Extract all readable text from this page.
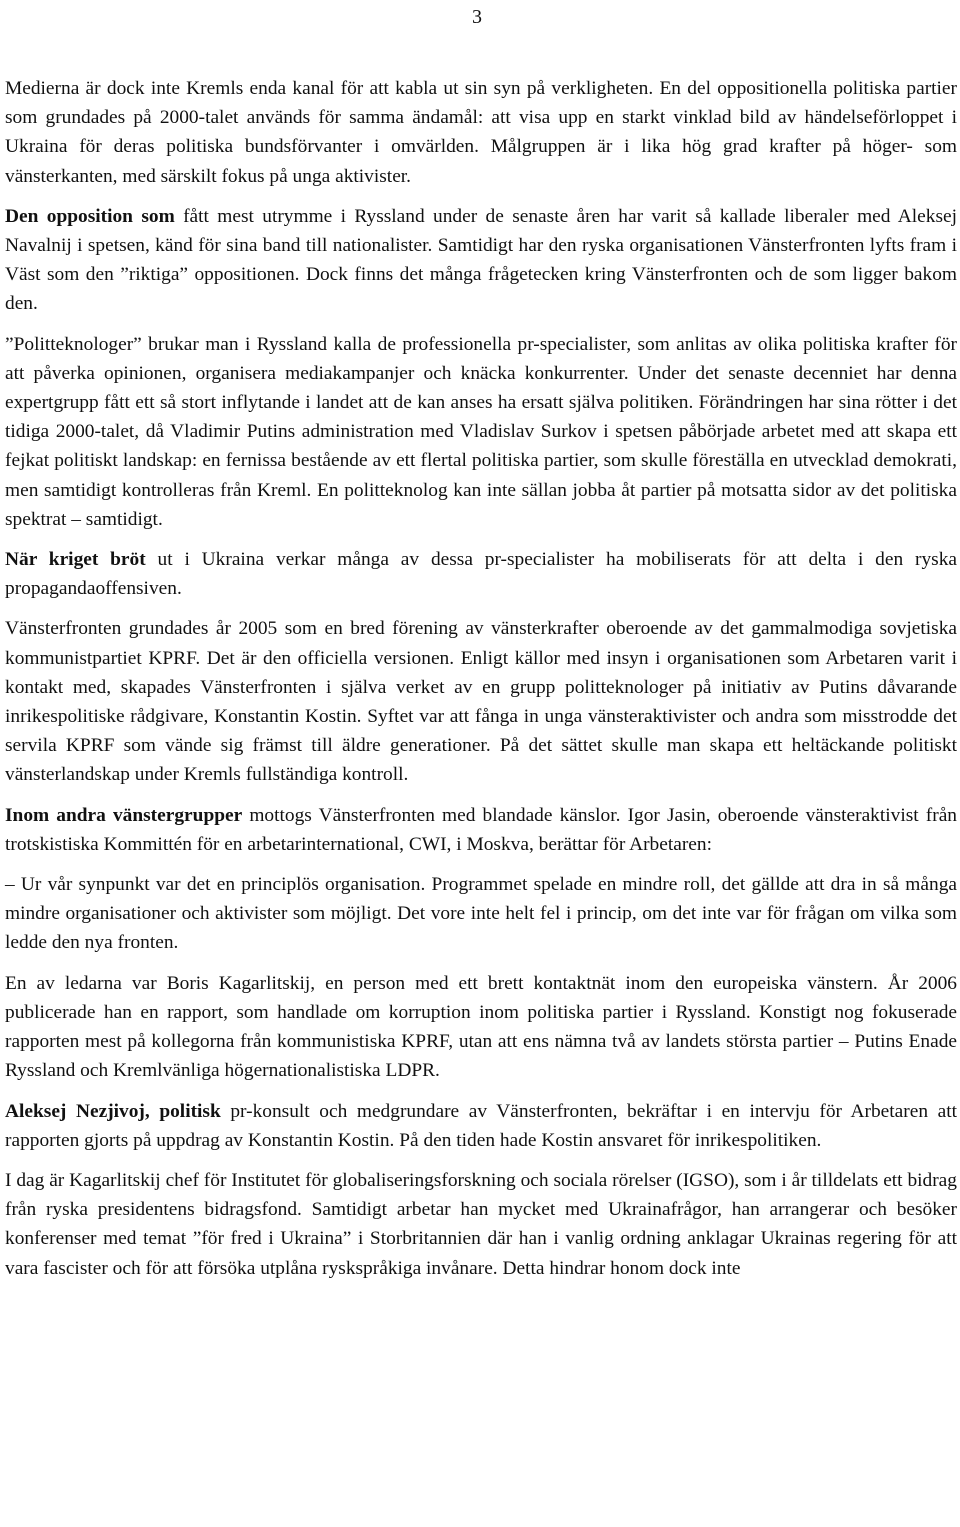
3

Medierna är dock inte Kremls enda kanal för att kabla ut sin syn på verkligheten. En del oppositionella politiska partier som grundades på 2000-talet används för samma ändamål: att visa upp en starkt vinklad bild av händelseförloppet i Ukraina för deras politiska bundsförvanter i omvärlden. Målgruppen är i lika hög grad krafter på höger- som vänsterkanten, med särskilt fokus på unga aktivister.

Den opposition som fått mest utrymme i Ryssland under de senaste åren har varit så kallade liberaler med Aleksej Navalnij i spetsen, känd för sina band till nationalister. Samtidigt har den ryska organisationen Vänsterfronten lyfts fram i Väst som den ”riktiga” oppositionen. Dock finns det många frågetecken kring Vänsterfronten och de som ligger bakom den.

”Politteknologer” brukar man i Ryssland kalla de professionella pr-specialister, som anlitas av olika politiska krafter för att påverka opinionen, organisera mediakampanjer och knäcka konkurrenter. Under det senaste decenniet har denna expertgrupp fått ett så stort inflytande i landet att de kan anses ha ersatt själva politiken. Förändringen har sina rötter i det tidiga 2000-talet, då Vladimir Putins administration med Vladislav Surkov i spetsen påbörjade arbetet med att skapa ett fejkat politiskt landskap: en fernissa bestående av ett flertal politiska partier, som skulle föreställa en utvecklad demokrati, men samtidigt kontrolleras från Kreml. En politteknolog kan inte sällan jobba åt partier på motsatta sidor av det politiska spektrat – samtidigt.

När kriget bröt ut i Ukraina verkar många av dessa pr-specialister ha mobiliserats för att delta i den ryska propagandaoffensiven.

Vänsterfronten grundades år 2005 som en bred förening av vänsterkrafter oberoende av det gammalmodiga sovjetiska kommunistpartiet KPRF. Det är den officiella versionen. Enligt källor med insyn i organisationen som Arbetaren varit i kontakt med, skapades Vänsterfronten i själva verket av en grupp politteknologer på initiativ av Putins dåvarande inrikespolitiske rådgivare, Konstantin Kostin. Syftet var att fånga in unga vänsteraktivister och andra som misstrodde det servila KPRF som vände sig främst till äldre generationer. På det sättet skulle man skapa ett heltäckande politiskt vänsterlandskap under Kremls fullständiga kontroll.

Inom andra vänstergrupper mottogs Vänsterfronten med blandade känslor. Igor Jasin, oberoende vänsteraktivist från trotskistiska Kommittén för en arbetarinternational, CWI, i Moskva, berättar för Arbetaren:

– Ur vår synpunkt var det en principlös organisation. Programmet spelade en mindre roll, det gällde att dra in så många mindre organisationer och aktivister som möjligt. Det vore inte helt fel i princip, om det inte var för frågan om vilka som ledde den nya fronten.

En av ledarna var Boris Kagarlitskij, en person med ett brett kontaktnät inom den europeiska vänstern. År 2006 publicerade han en rapport, som handlade om korruption inom politiska partier i Ryssland. Konstigt nog fokuserade rapporten mest på kollegorna från kommunistiska KPRF, utan att ens nämna två av landets största partier – Putins Enade Ryssland och Kremlvänliga högernationalistiska LDPR.

Aleksej Nezjivoj, politisk pr-konsult och medgrundare av Vänsterfronten, bekräftar i en intervju för Arbetaren att rapporten gjorts på uppdrag av Konstantin Kostin. På den tiden hade Kostin ansvaret för inrikespolitiken.

I dag är Kagarlitskij chef för Institutet för globaliseringsforskning och sociala rörelser (IGSO), som i år tilldelats ett bidrag från ryska presidentens bidragsfond. Samtidigt arbetar han mycket med Ukrainafrågor, han arrangerar och besöker konferenser med temat ”för fred i Ukraina” i Storbritannien där han i vanlig ordning anklagar Ukrainas regering för att vara fascister och för att försöka utplåna ryskspråkiga invånare. Detta hindrar honom dock inte
